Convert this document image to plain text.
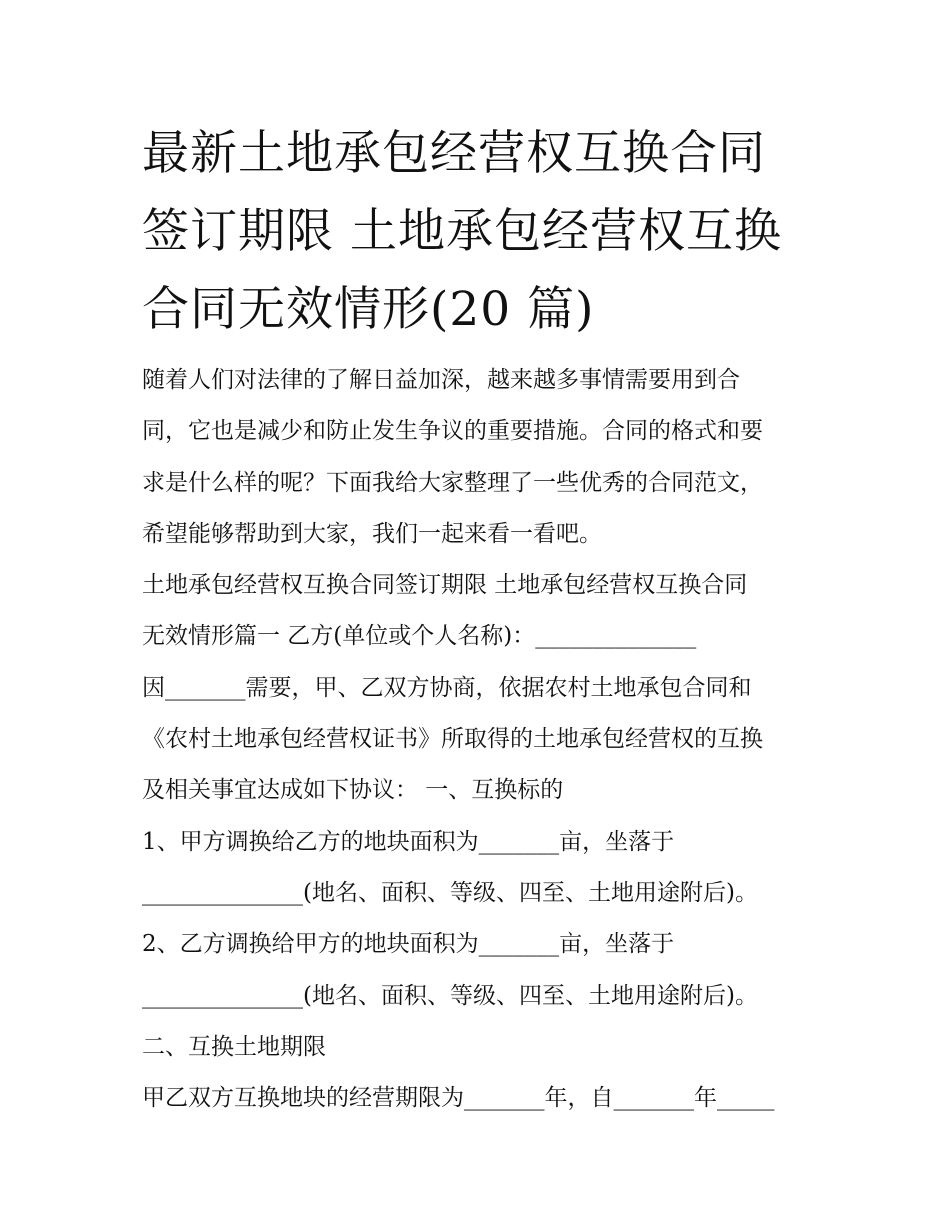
最新土地承包经营权互换合同
签订期限 土地承包经营权互换
合同无效情形(20 篇)
随着人们对法律的了解日益加深，越来越多事情需要用到合
同，它也是减少和防止发生争议的重要措施。合同的格式和要
求是什么样的呢？下面我给大家整理了一些优秀的合同范文，
希望能够帮助到大家，我们一起来看一看吧。
土地承包经营权互换合同签订期限 土地承包经营权互换合同
无效情形篇一 乙方(单位或个人名称)：______________
因_______需要，甲、乙双方协商，依据农村土地承包合同和
《农村土地承包经营权证书》所取得的土地承包经营权的互换
及相关事宜达成如下协议： 一、互换标的
1、甲方调换给乙方的地块面积为_______亩，坐落于
______________(地名、面积、等级、四至、土地用途附后)。
2、乙方调换给甲方的地块面积为_______亩，坐落于
______________(地名、面积、等级、四至、土地用途附后)。
二、互换土地期限
甲乙双方互换地块的经营期限为_______年，自_______年_____
